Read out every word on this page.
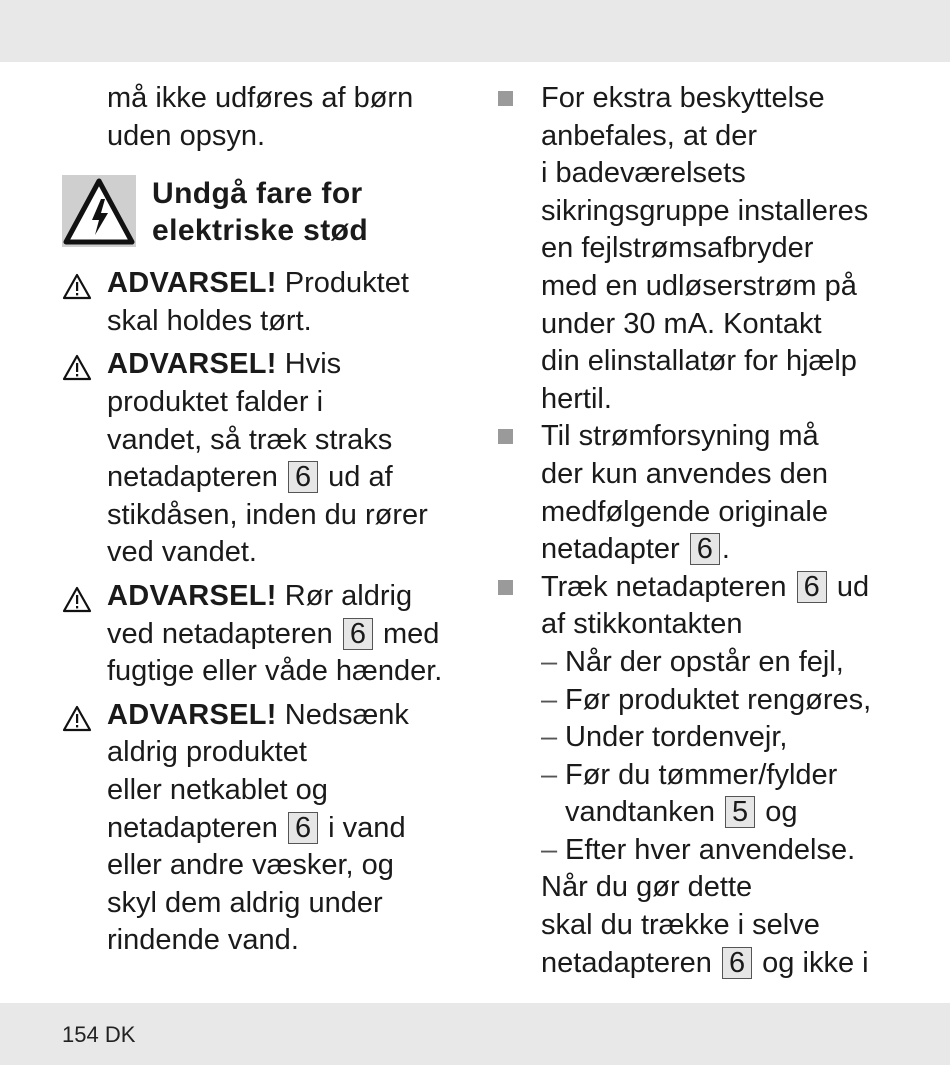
må ikke udføres af børn

uden opsyn.

Undgå fare for
elektriske stød
ADVARSEL! Produktet
skal holdes tørt.
ADVARSEL! Hvis
produktet falder i
vandet, så træk straks
netadapteren 6 ud af
stikdåsen, inden du rører
ved vandet.
ADVARSEL! Rør aldrig
ved netadapteren 6 med
fugtige eller våde hænder.
ADVARSEL! Nedsænk
aldrig produktet
eller netkablet og
netadapteren 6 i vand
eller andre væsker, og
skyl dem aldrig under
rindende vand.
For ekstra beskyttelse
anbefales, at der
i badeværelsets
sikringsgruppe installeres
en fejlstrømsafbryder
med en udløserstrøm på
under 30 mA. Kontakt
din elinstallatør for hjælp
hertil.
Til strømforsyning må
der kun anvendes den
medfølgende originale
netadapter 6 .
Træk netadapteren 6 ud
af stikkontakten
– Når der opstår en fejl,
– Før produktet rengøres,
– Under tordenvejr,
– Før du tømmer/fylder
vandtanken 5 og
– Efter hver anvendelse.
Når du gør dette
skal du trække i selve
netadapteren 6 og ikke i
154 DK
